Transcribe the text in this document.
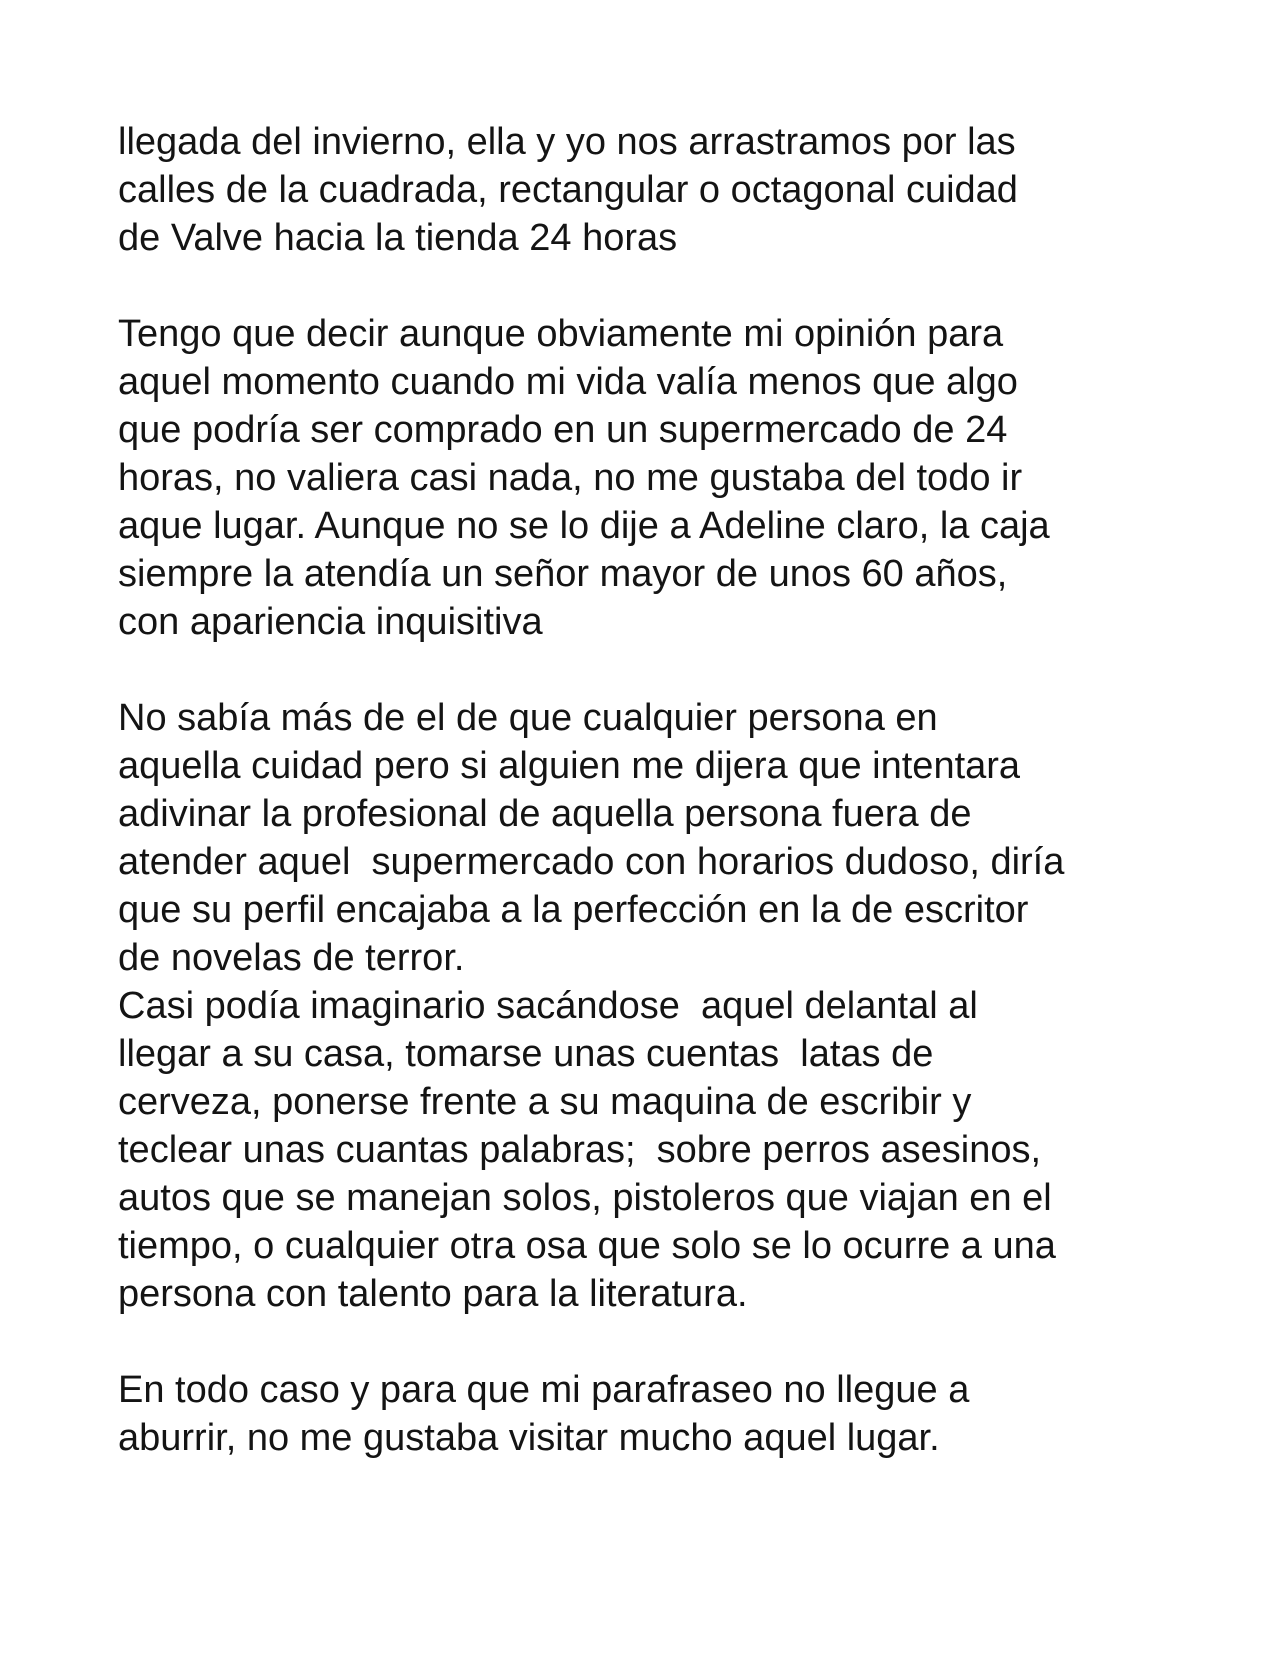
llegada del invierno, ella y yo nos arrastramos por las
calles de la cuadrada, rectangular o octagonal cuidad
de Valve hacia la tienda 24 horas
Tengo que decir aunque obviamente mi opinión para
aquel momento cuando mi vida valía menos que algo
que podría ser comprado en un supermercado de 24
horas, no valiera casi nada, no me gustaba del todo ir
aque lugar. Aunque no se lo dije a Adeline claro, la caja
siempre la atendía un señor mayor de unos 60 años,
con apariencia inquisitiva
No sabía más de el de que cualquier persona en
aquella cuidad pero si alguien me dijera que intentara
adivinar la profesional de aquella persona fuera de
atender aquel  supermercado con horarios dudoso, diría
que su perfil encajaba a la perfección en la de escritor
de novelas de terror.
Casi podía imaginario sacándose  aquel delantal al
llegar a su casa, tomarse unas cuentas  latas de
cerveza, ponerse frente a su maquina de escribir y
teclear unas cuantas palabras;  sobre perros asesinos,
autos que se manejan solos, pistoleros que viajan en el
tiempo, o cualquier otra osa que solo se lo ocurre a una
persona con talento para la literatura.
En todo caso y para que mi parafraseo no llegue a
aburrir, no me gustaba visitar mucho aquel lugar.
